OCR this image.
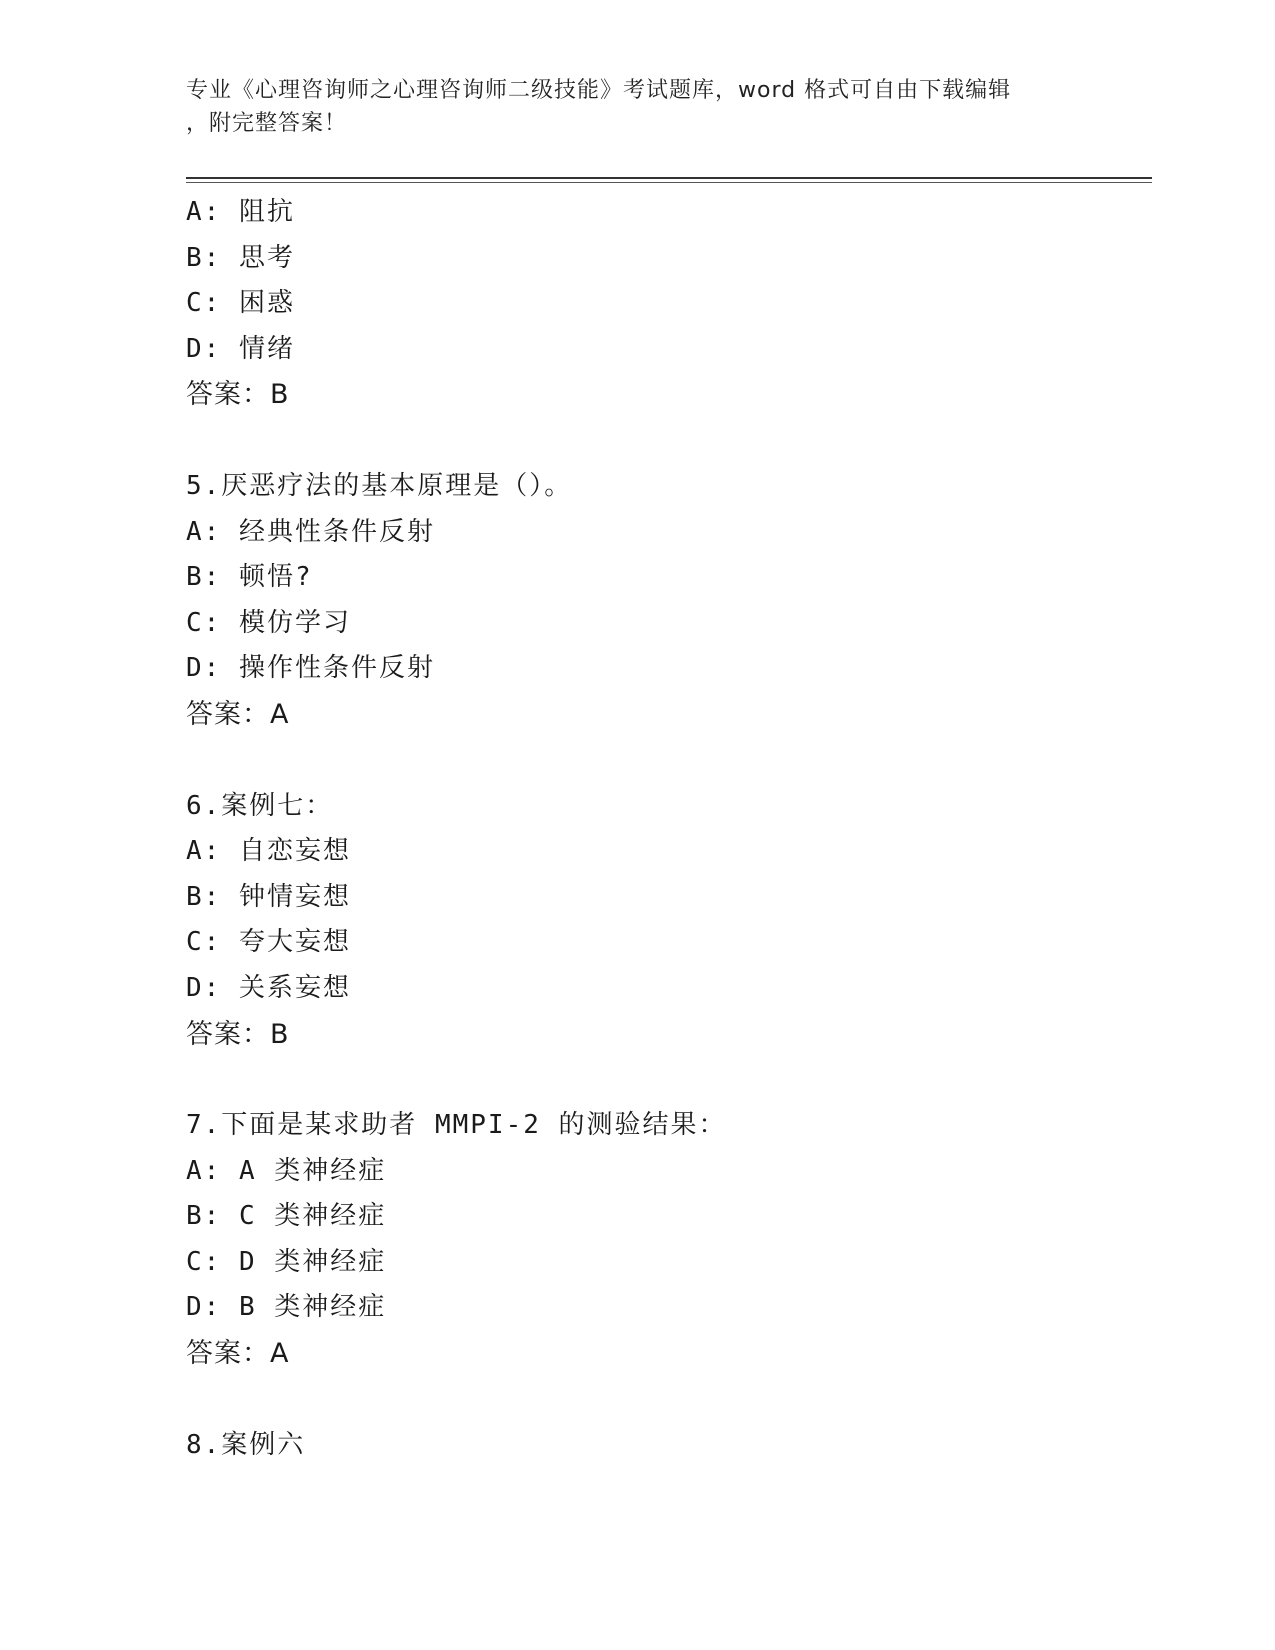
专业《心理咨询师之心理咨询师二级技能》考试题库，word 格式可自由下载编辑
，附完整答案！
A: 阻抗
B: 思考
C: 困惑
D: 情绪
答案：B
5.厌恶疗法的基本原理是（）。
A: 经典性条件反射
B: 顿悟?
C: 模仿学习
D: 操作性条件反射
答案：A
6.案例七：
A: 自恋妄想
B: 钟情妄想
C: 夸大妄想
D: 关系妄想
答案：B
7.下面是某求助者 MMPI-2 的测验结果：
A: A 类神经症
B: C 类神经症
C: D 类神经症
D: B 类神经症
答案：A
8.案例六
